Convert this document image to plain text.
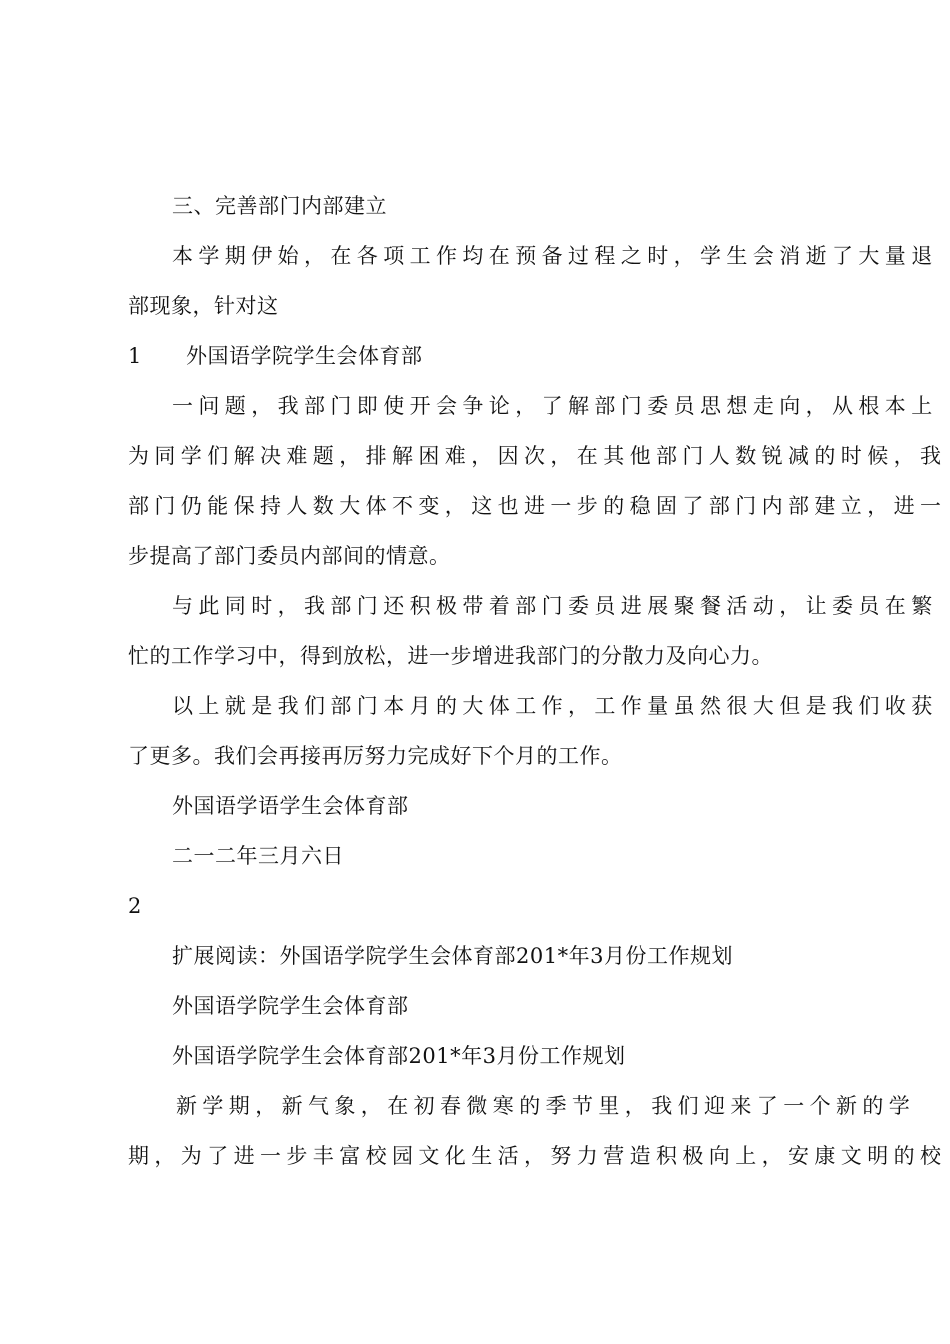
三、完善部门内部建立
本学期伊始，在各项工作均在预备过程之时，学生会消逝了大量退
部现象，针对这
1 外国语学院学生会体育部
一问题，我部门即使开会争论，了解部门委员思想走向，从根本上
为同学们解决难题，排解困难，因次，在其他部门人数锐减的时候，我
部门仍能保持人数大体不变，这也进一步的稳固了部门内部建立，进一
步提高了部门委员内部间的情意。
与此同时，我部门还积极带着部门委员进展聚餐活动，让委员在繁
忙的工作学习中，得到放松，进一步增进我部门的分散力及向心力。
以上就是我们部门本月的大体工作，工作量虽然很大但是我们收获
了更多。我们会再接再厉努力完成好下个月的工作。
外国语学语学生会体育部
二一二年三月六日
2
扩展阅读：外国语学院学生会体育部201*年3月份工作规划
外国语学院学生会体育部
外国语学院学生会体育部201*年3月份工作规划
新学期，新气象，在初春微寒的季节里，我们迎来了一个新的学
期，为了进一步丰富校园文化生活，努力营造积极向上，安康文明的校
